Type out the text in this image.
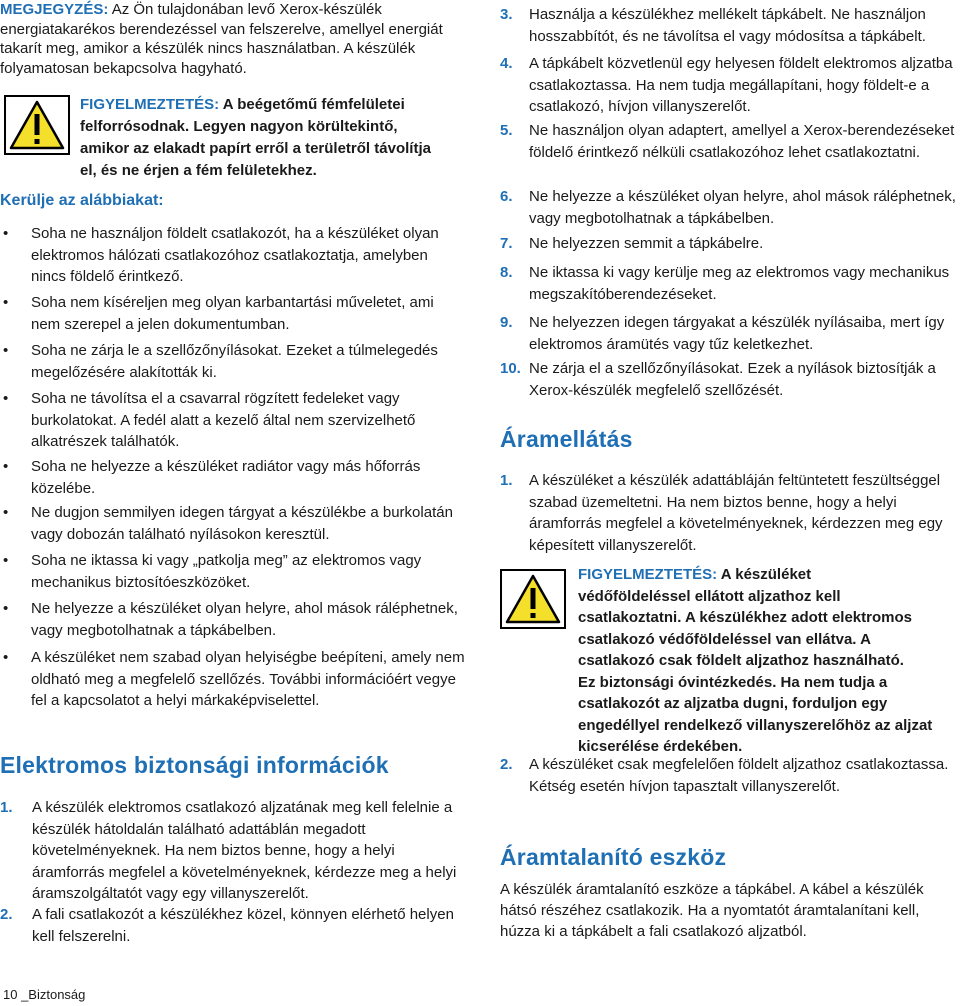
MEGJEGYZÉS: Az Ön tulajdonában levő Xerox-készülék energiatakarékos berendezéssel van felszerelve, amellyel energiát takarít meg, amikor a készülék nincs használatban. A készülék folyamatosan bekapcsolva hagyható.
FIGYELMEZTETÉS: A beégetőmű fémfelületei
felforrósodnak. Legyen nagyon körültekintő,
amikor az elakadt papírt erről a területről távolítja
el, és ne érjen a fém felületekhez.
Kerülje az alábbiakat:
• Soha ne használjon földelt csatlakozót, ha a készüléket olyan elektromos hálózati csatlakozóhoz csatlakoztatja, amelyben nincs földelő érintkező.
• Soha nem kíséreljen meg olyan karbantartási műveletet, ami nem szerepel a jelen dokumentumban.
• Soha ne zárja le a szellőzőnyílásokat. Ezeket a túlmelegedés megelőzésére alakították ki.
• Soha ne távolítsa el a csavarral rögzített fedeleket vagy burkolatokat. A fedél alatt a kezelő által nem szervizelhető alkatrészek találhatók.
• Soha ne helyezze a készüléket radiátor vagy más hőforrás közelébe.
• Ne dugjon semmilyen idegen tárgyat a készülékbe a burkolatán vagy dobozán található nyílásokon keresztül.
• Soha ne iktassa ki vagy „patkolja meg” az elektromos vagy mechanikus biztosítóeszközöket.
• Ne helyezze a készüléket olyan helyre, ahol mások ráléphetnek, vagy megbotolhatnak a tápkábelben.
• A készüléket nem szabad olyan helyiségbe beépíteni, amely nem oldható meg a megfelelő szellőzés. További információért vegye fel a kapcsolatot a helyi márkaképviselettel.
Elektromos biztonsági információk
1. A készülék elektromos csatlakozó aljzatának meg kell felelnie a készülék hátoldalán található adattáblán megadott követelményeknek. Ha nem biztos benne, hogy a helyi áramforrás megfelel a követelményeknek, kérdezze meg a helyi áramszolgáltatót vagy egy villanyszerelőt.
2. A fali csatlakozót a készülékhez közel, könnyen elérhető helyen kell felszerelni.
10 _Biztonság
3. Használja a készülékhez mellékelt tápkábelt. Ne használjon hosszabbítót, és ne távolítsa el vagy módosítsa a tápkábelt.
4. A tápkábelt közvetlenül egy helyesen földelt elektromos aljzatba csatlakoztassa. Ha nem tudja megállapítani, hogy földelt-e a csatlakozó, hívjon villanyszerelőt.
5. Ne használjon olyan adaptert, amellyel a Xerox-berendezéseket földelő érintkező nélküli csatlakozóhoz lehet csatlakoztatni.
6. Ne helyezze a készüléket olyan helyre, ahol mások ráléphetnek, vagy megbotolhatnak a tápkábelben.
7. Ne helyezzen semmit a tápkábelre.
8. Ne iktassa ki vagy kerülje meg az elektromos vagy mechanikus megszakítóberendezéseket.
9. Ne helyezzen idegen tárgyakat a készülék nyílásaiba, mert így elektromos áramütés vagy tűz keletkezhet.
10. Ne zárja el a szellőzőnyílásokat. Ezek a nyílások biztosítják a Xerox-készülék megfelelő szellőzését.
Áramellátás
1. A készüléket a készülék adattábláján feltüntetett feszültséggel szabad üzemeltetni. Ha nem biztos benne, hogy a helyi áramforrás megfelel a követelményeknek, kérdezzen meg egy képesített villanyszerelőt.
FIGYELMEZTETÉS: A készüléket
védőföldeléssel ellátott aljzathoz kell
csatlakoztatni. A készülékhez adott elektromos
csatlakozó védőföldeléssel van ellátva. A
csatlakozó csak földelt aljzathoz használható.
Ez biztonsági óvintézkedés. Ha nem tudja a
csatlakozót az aljzatba dugni, forduljon egy
engedéllyel rendelkező villanyszerelőhöz az aljzat
kicserélése érdekében.
2. A készüléket csak megfelelően földelt aljzathoz csatlakoztassa. Kétség esetén hívjon tapasztalt villanyszerelőt.
Áramtalanító eszköz

A készülék áramtalanító eszköze a tápkábel. A kábel a készülék hátsó részéhez csatlakozik. Ha a nyomtatót áramtalanítani kell, húzza ki a tápkábelt a fali csatlakozó aljzatból.
